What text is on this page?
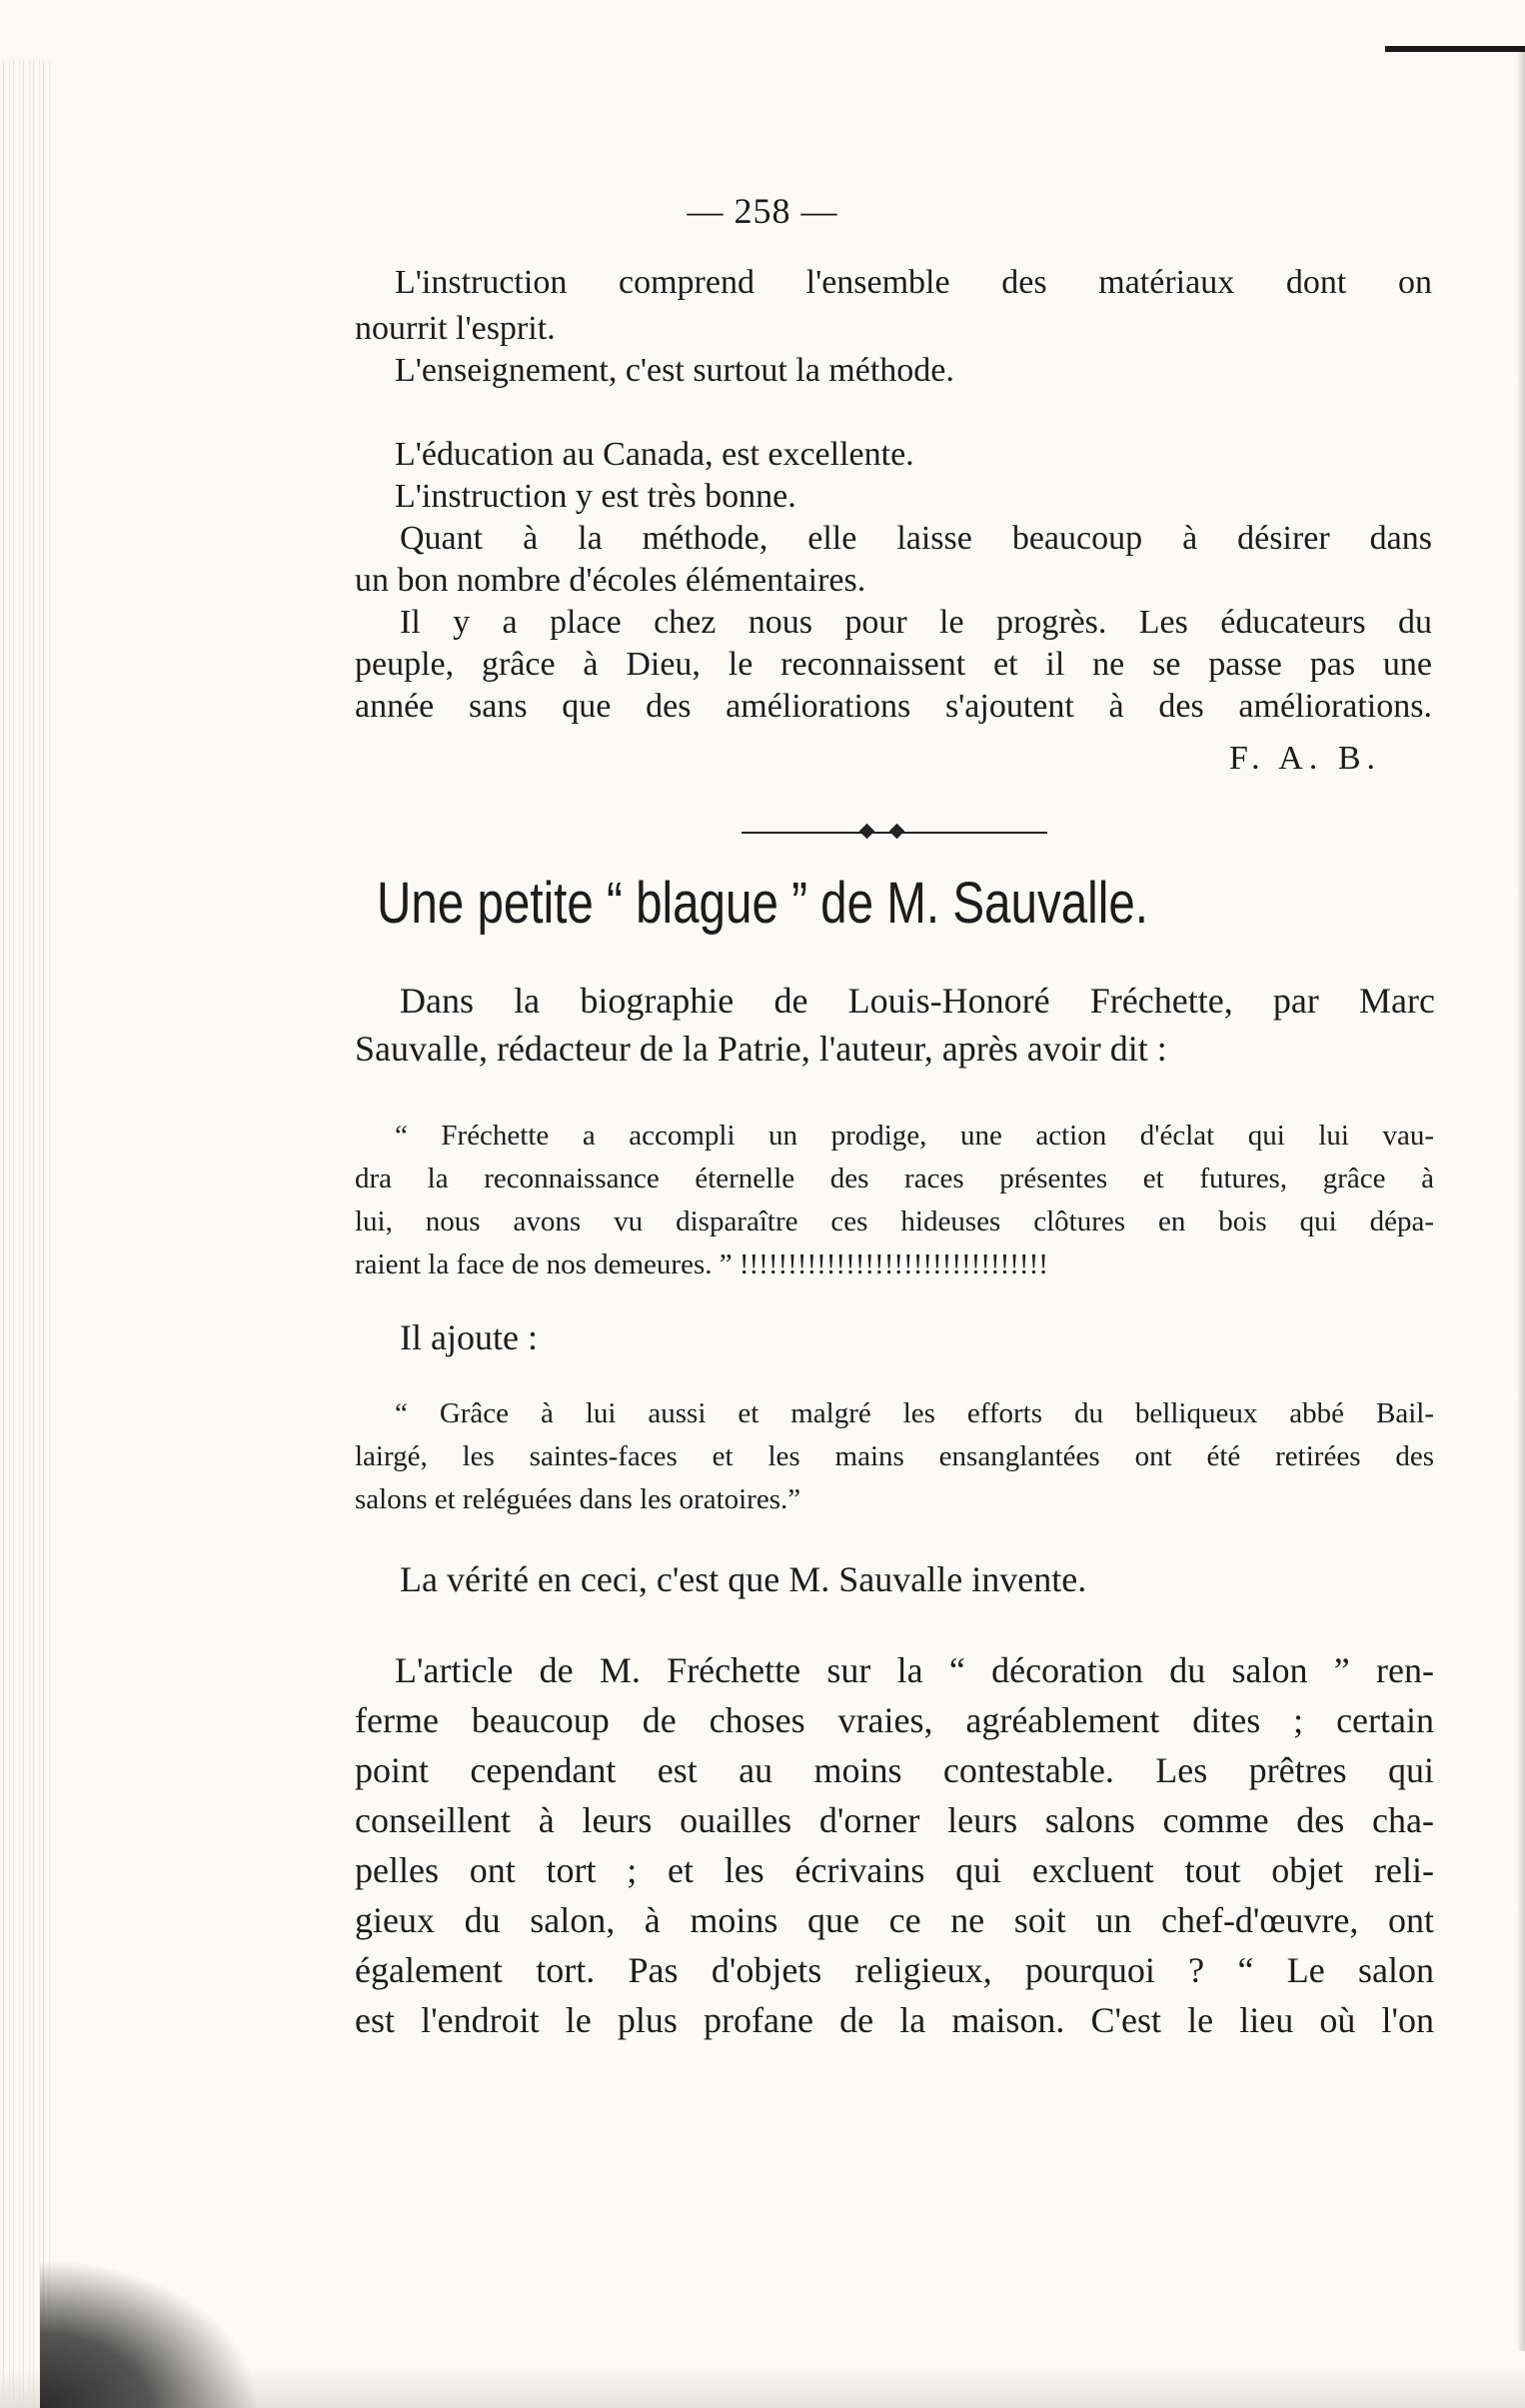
— 258 —
L'instruction comprend l'ensemble des matériaux dont on
nourrit l'esprit.
L'enseignement, c'est surtout la méthode.
L'éducation au Canada, est excellente.
L'instruction y est très bonne.
Quant à la méthode, elle laisse beaucoup à désirer dans
un bon nombre d'écoles élémentaires.
Il y a place chez nous pour le progrès. Les éducateurs du
peuple, grâce à Dieu, le reconnaissent et il ne se passe pas une
année sans que des améliorations s'ajoutent à des améliorations.
F. A. B.
Une petite “ blague ” de M. Sauvalle.
Dans la biographie de Louis-Honoré Fréchette, par Marc
Sauvalle, rédacteur de la Patrie, l'auteur, après avoir dit :
“ Fréchette a accompli un prodige, une action d'éclat qui lui vau-
dra la reconnaissance éternelle des races présentes et futures, grâce à
lui, nous avons vu disparaître ces hideuses clôtures en bois qui dépa-
raient la face de nos demeures. ” !!!!!!!!!!!!!!!!!!!!!!!!!!!!!!!!
Il ajoute :
“ Grâce à lui aussi et malgré les efforts du belliqueux abbé Bail-
lairgé, les saintes-faces et les mains ensanglantées ont été retirées des
salons et reléguées dans les oratoires.”
La vérité en ceci, c'est que M. Sauvalle invente.
L'article de M. Fréchette sur la “ décoration du salon ” ren-
ferme beaucoup de choses vraies, agréablement dites ; certain
point cependant est au moins contestable. Les prêtres qui
conseillent à leurs ouailles d'orner leurs salons comme des cha-
pelles ont tort ; et les écrivains qui excluent tout objet reli-
gieux du salon, à moins que ce ne soit un chef-d'œuvre, ont
également tort. Pas d'objets religieux, pourquoi ? “ Le salon
est l'endroit le plus profane de la maison. C'est le lieu où l'on
